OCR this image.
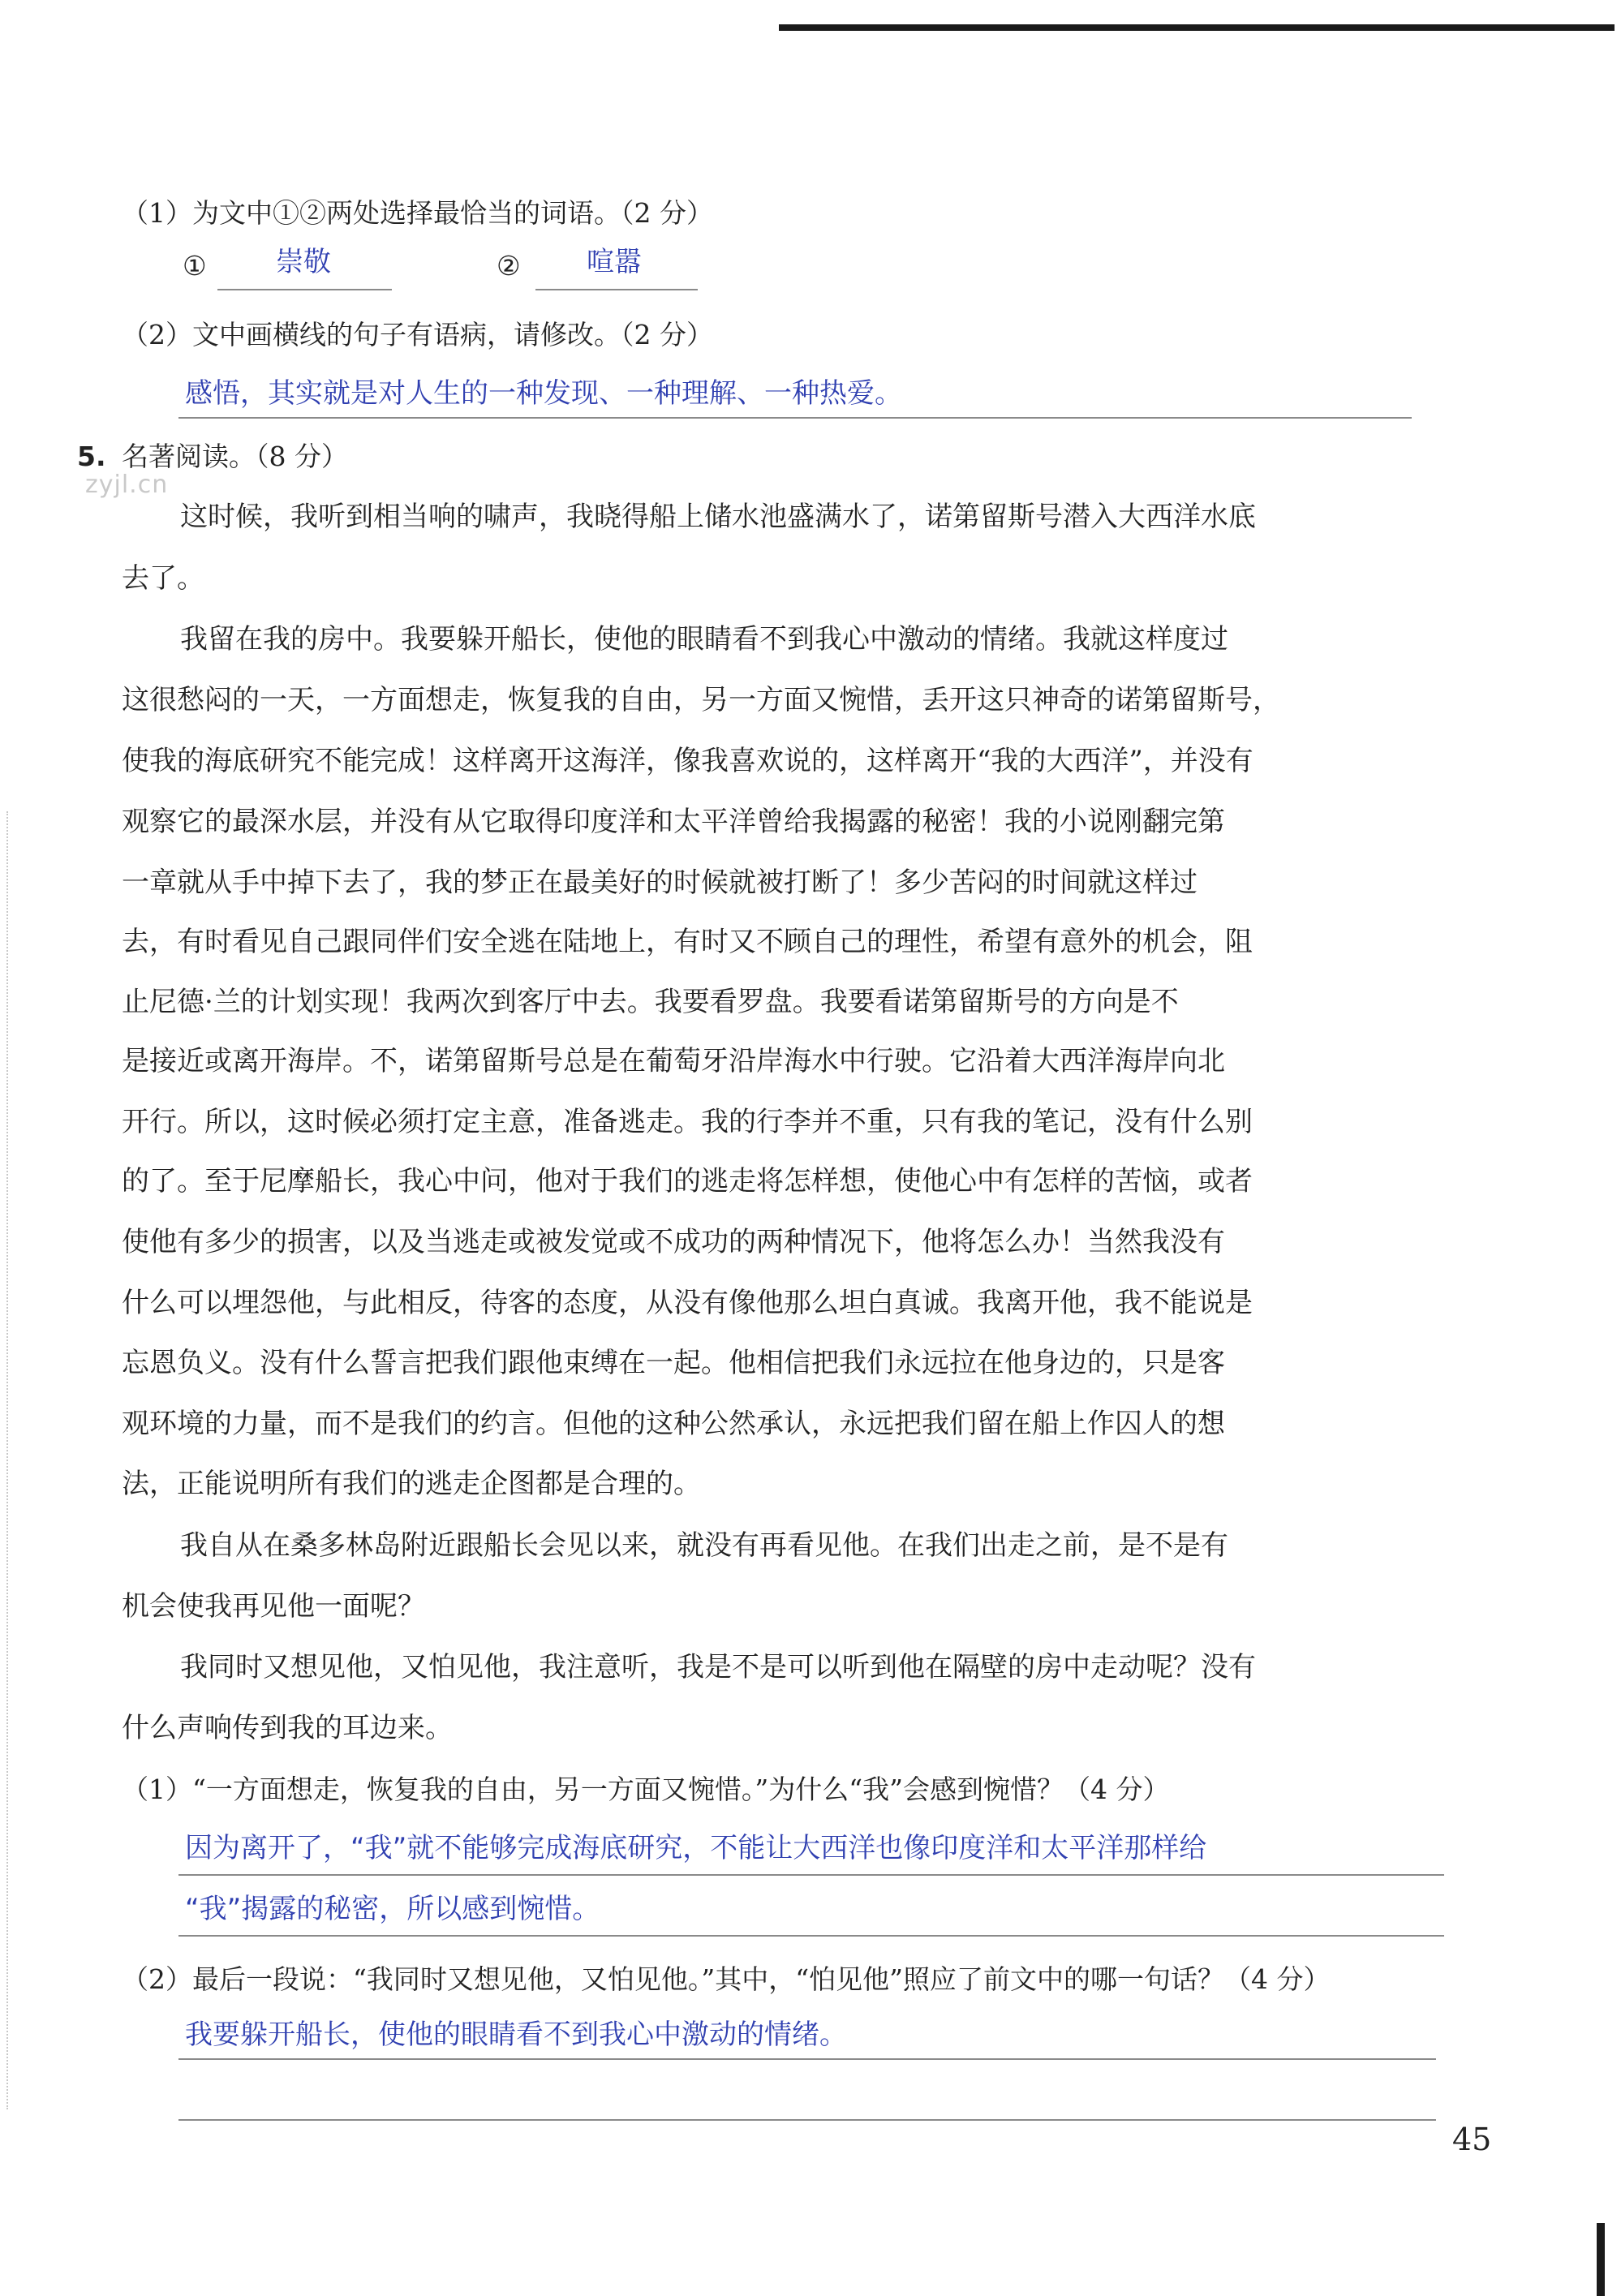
（1）为文中①②两处选择最恰当的词语。（2 分）
①	崇敬	② 喧嚣
（2）文中画横线的句子有语病，请修改。（2 分）
感悟，其实就是对人生的一种发现、一种理解、一种热爱。
5. 名著阅读。（8 分）
zyjl.cn
这时候，我听到相当响的啸声，我晓得船上储水池盛满水了，诺第留斯号潜入大西洋水底
去了。
我留在我的房中。我要躲开船长，使他的眼睛看不到我心中激动的情绪。我就这样度过
这很愁闷的一天，一方面想走，恢复我的自由，另一方面又惋惜，丢开这只神奇的诺第留斯号，
使我的海底研究不能完成！这样离开这海洋，像我喜欢说的，这样离开“我的大西洋”，并没有
观察它的最深水层，并没有从它取得印度洋和太平洋曾给我揭露的秘密！我的小说刚翻完第
一章就从手中掉下去了，我的梦正在最美好的时候就被打断了！多少苦闷的时间就这样过
去，有时看见自己跟同伴们安全逃在陆地上，有时又不顾自己的理性，希望有意外的机会，阻
止尼德·兰的计划实现！我两次到客厅中去。我要看罗盘。我要看诺第留斯号的方向是不
是接近或离开海岸。不，诺第留斯号总是在葡萄牙沿岸海水中行驶。它沿着大西洋海岸向北
开行。所以，这时候必须打定主意，准备逃走。我的行李并不重，只有我的笔记，没有什么别
的了。至于尼摩船长，我心中问，他对于我们的逃走将怎样想，使他心中有怎样的苦恼，或者
使他有多少的损害，以及当逃走或被发觉或不成功的两种情况下，他将怎么办！当然我没有
什么可以埋怨他，与此相反，待客的态度，从没有像他那么坦白真诚。我离开他，我不能说是
忘恩负义。没有什么誓言把我们跟他束缚在一起。他相信把我们永远拉在他身边的，只是客
观环境的力量，而不是我们的约言。但他的这种公然承认，永远把我们留在船上作囚人的想
法，正能说明所有我们的逃走企图都是合理的。
我自从在桑多林岛附近跟船长会见以来，就没有再看见他。在我们出走之前，是不是有
机会使我再见他一面呢？
我同时又想见他，又怕见他，我注意听，我是不是可以听到他在隔壁的房中走动呢？没有
什么声响传到我的耳边来。
（1）“一方面想走，恢复我的自由，另一方面又惋惜。”为什么“我”会感到惋惜？（4 分）
因为离开了，“我”就不能够完成海底研究，不能让大西洋也像印度洋和太平洋那样给
“我”揭露的秘密，所以感到惋惜。
（2）最后一段说：“我同时又想见他，又怕见他。”其中，“怕见他”照应了前文中的哪一句话？（4 分）
我要躲开船长，使他的眼睛看不到我心中激动的情绪。
45
